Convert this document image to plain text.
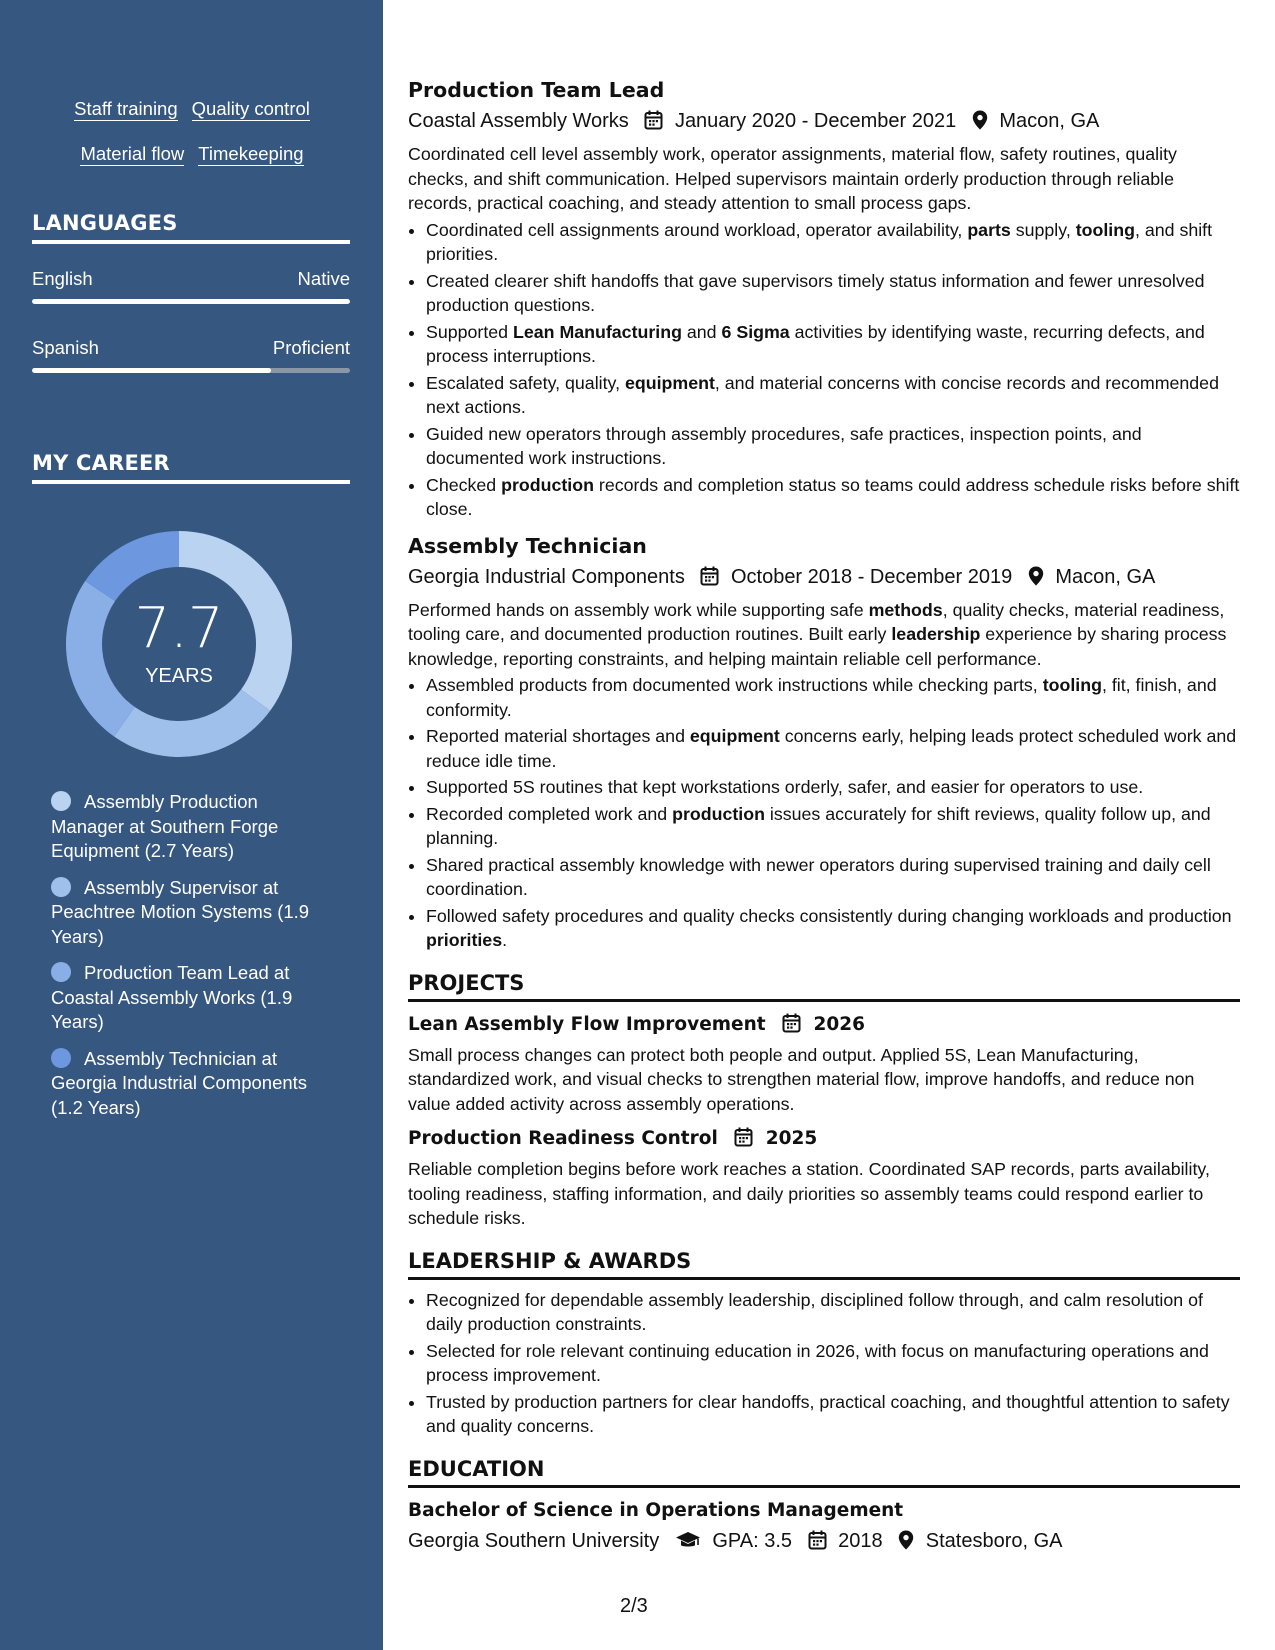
Staff training Quality control
Material flow Timekeeping
LANGUAGES
English	Native
Spanish	Proficient
MY CAREER
7.7
YEARS
Assembly Production Manager at Southern Forge Equipment (2.7 Years)
Assembly Supervisor at Peachtree Motion Systems (1.9 Years)
Production Team Lead at Coastal Assembly Works (1.9 Years)
Assembly Technician at Georgia Industrial Components (1.2 Years)
Production Team Lead
Coastal Assembly Works January 2020 - December 2021 Macon, GA
Coordinated cell level assembly work, operator assignments, material flow, safety routines, quality checks, and shift communication. Helped supervisors maintain orderly production through reliable records, practical coaching, and steady attention to small process gaps.
• Coordinated cell assignments around workload, operator availability, parts supply, tooling, and shift priorities.
• Created clearer shift handoffs that gave supervisors timely status information and fewer unresolved production questions.
• Supported Lean Manufacturing and 6 Sigma activities by identifying waste, recurring defects, and process interruptions.
• Escalated safety, quality, equipment, and material concerns with concise records and recommended next actions.
• Guided new operators through assembly procedures, safe practices, inspection points, and documented work instructions.
• Checked production records and completion status so teams could address schedule risks before shift close.
Assembly Technician
Georgia Industrial Components October 2018 - December 2019 Macon, GA
Performed hands on assembly work while supporting safe methods, quality checks, material readiness, tooling care, and documented production routines. Built early leadership experience by sharing process knowledge, reporting constraints, and helping maintain reliable cell performance.
• Assembled products from documented work instructions while checking parts, tooling, fit, finish, and conformity.
• Reported material shortages and equipment concerns early, helping leads protect scheduled work and reduce idle time.
• Supported 5S routines that kept workstations orderly, safer, and easier for operators to use.
• Recorded completed work and production issues accurately for shift reviews, quality follow up, and planning.
• Shared practical assembly knowledge with newer operators during supervised training and daily cell coordination.
• Followed safety procedures and quality checks consistently during changing workloads and production priorities.
PROJECTS
Lean Assembly Flow Improvement	2026
Small process changes can protect both people and output. Applied 5S, Lean Manufacturing, standardized work, and visual checks to strengthen material flow, improve handoffs, and reduce non value added activity across assembly operations.
Production Readiness Control	2025
Reliable completion begins before work reaches a station. Coordinated SAP records, parts availability, tooling readiness, staffing information, and daily priorities so assembly teams could respond earlier to schedule risks.
LEADERSHIP & AWARDS
• Recognized for dependable assembly leadership, disciplined follow through, and calm resolution of daily production constraints.
• Selected for role relevant continuing education in 2026, with focus on manufacturing operations and process improvement.
• Trusted by production partners for clear handoffs, practical coaching, and thoughtful attention to safety and quality concerns.
EDUCATION
Bachelor of Science in Operations Management
Georgia Southern University	GPA: 3.5 2018 Statesboro, GA
2/3
